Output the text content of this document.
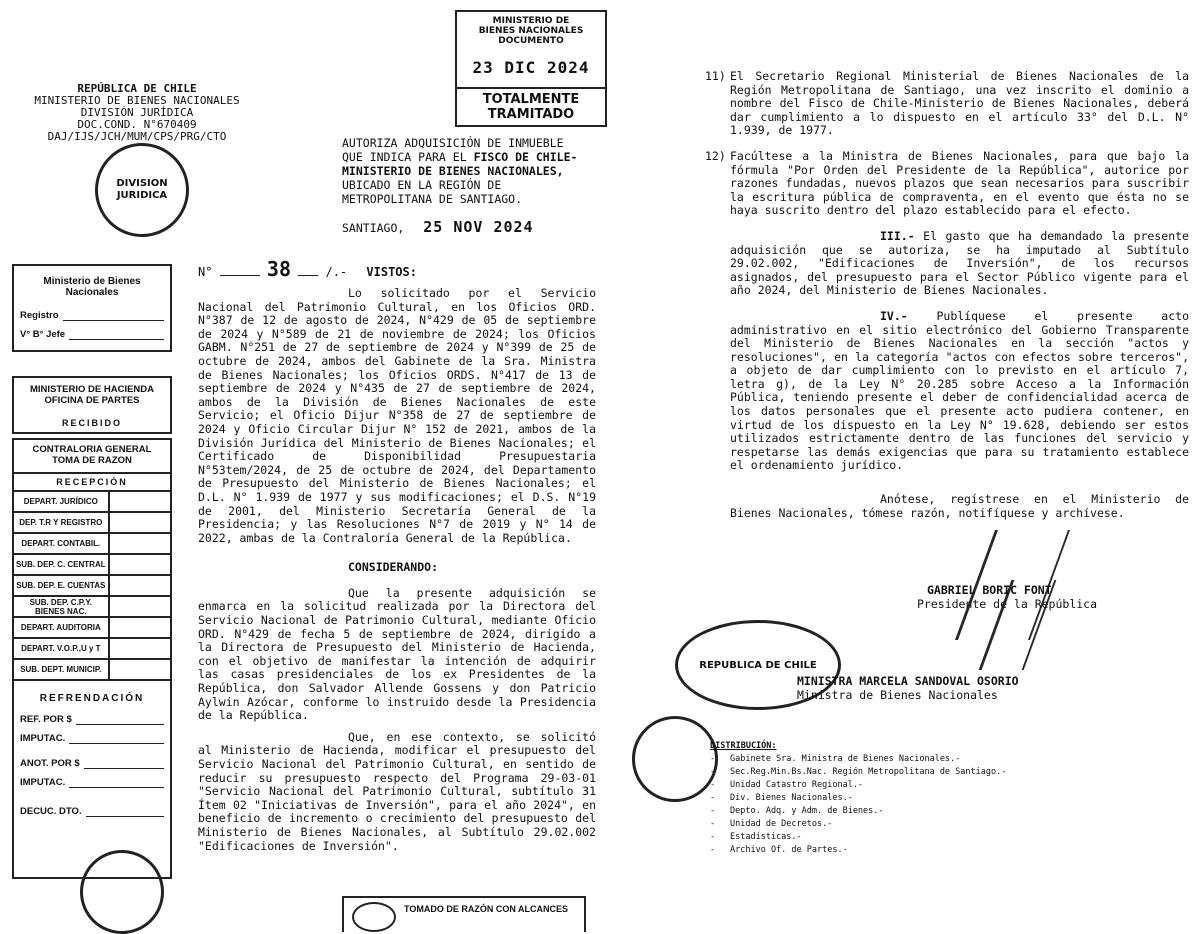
MINISTERIO DE
BIENES NACIONALES
DOCUMENTO
23 DIC 2024
TOTALMENTE TRAMITADO
REPÚBLICA DE CHILE
MINISTERIO DE BIENES NACIONALES
DIVISIÓN JURÍDICA
DOC.COND. N°670409
DAJ/IJS/JCH/MUM/CPS/PRG/CTO
DIVISION JURIDICA
AUTORIZA ADQUISICIÓN DE INMUEBLE
QUE INDICA PARA EL FISCO DE CHILE-
MINISTERIO DE BIENES NACIONALES,
UBICADO EN LA REGIÓN DE
METROPOLITANA DE SANTIAGO.
SANTIAGO, 25 NOV 2024
N°	38	/.- VISTOS:

Lo solicitado por el Servicio Nacional del Patrimonio Cultural, en los Oficios ORD. N°387 de 12 de agosto de 2024, N°429 de 05 de septiembre de 2024 y N°589 de 21 de noviembre de 2024; los Oficios GABM. N°251 de 27 de septiembre de 2024 y N°399 de 25 de octubre de 2024, ambos del Gabinete de la Sra. Ministra de Bienes Nacionales; los Oficios ORDS. N°417 de 13 de septiembre de 2024 y N°435 de 27 de septiembre de 2024, ambos de la División de Bienes Nacionales de este Servicio; el Oficio Dijur N°358 de 27 de septiembre de 2024 y Oficio Circular Dijur N° 152 de 2021, ambos de la División Jurídica del Ministerio de Bienes Nacionales; el Certificado de Disponibilidad Presupuestaria N°53tem/2024, de 25 de octubre de 2024, del Departamento de Presupuesto del Ministerio de Bienes Nacionales; el D.L. N° 1.939 de 1977 y sus modificaciones; el D.S. N°19 de 2001, del Ministerio Secretaría General de la Presidencia; y las Resoluciones N°7 de 2019 y N° 14 de 2022, ambas de la Contraloría General de la República.

CONSIDERANDO:

Que la presente adquisición se enmarca en la solicitud realizada por la Directora del Servicio Nacional de Patrimonio Cultural, mediante Oficio ORD. N°429 de fecha 5 de septiembre de 2024, dirigido a la Directora de Presupuesto del Ministerio de Hacienda, con el objetivo de manifestar la intención de adquirir las casas presidenciales de los ex Presidentes de la República, don Salvador Allende Gossens y don Patricio Aylwin Azócar, conforme lo instruido desde la Presidencia de la República.

Que, en ese contexto, se solicitó al Ministerio de Hacienda, modificar el presupuesto del Servicio Nacional del Patrimonio Cultural, en sentido de reducir su presupuesto respecto del Programa 29-03-01 "Servicio Nacional del Patrimonio Cultural, subtítulo 31 Ítem 02 "Iniciativas de Inversión", para el año 2024", en beneficio de incremento o crecimiento del presupuesto del Ministerio de Bienes Nacionales, al Subtítulo 29.02.002 "Edificaciones de Inversión".

Ministerio de Bienes Nacionales
Registro
V° B° Jefe
MINISTERIO DE HACIENDA
OFICINA DE PARTES
RECIBIDO
CONTRALORIA GENERAL
TOMA DE RAZON
RECEPCIÓN
DEPART. JURÍDICO
DEP. T.R Y REGISTRO
DEPART. CONTABIL.
SUB. DEP. C. CENTRAL
SUB. DEP. E. CUENTAS
SUB. DEP. C.P.Y. BIENES NAC.
DEPART. AUDITORIA
DEPART. V.O.P.,U y T
SUB. DEPT. MUNICIP.
REFRENDACIÓN
REF. POR $
IMPUTAC.
ANOT. POR $
IMPUTAC.
DECUC. DTO.
TOMADO DE RAZÓN CON ALCANCES
11) El Secretario Regional Ministerial de Bienes Nacionales de la Región Metropolitana de Santiago, una vez inscrito el dominio a nombre del Fisco de Chile-Ministerio de Bienes Nacionales, deberá dar cumplimiento a lo dispuesto en el artículo 33° del D.L. N° 1.939, de 1977.
12) Facúltese a la Ministra de Bienes Nacionales, para que bajo la fórmula "Por Orden del Presidente de la República", autorice por razones fundadas, nuevos plazos que sean necesarios para suscribir la escritura pública de compraventa, en el evento que ésta no se haya suscrito dentro del plazo establecido para el efecto.

III.- El gasto que ha demandado la presente adquisición que se autoriza, se ha imputado al Subtítulo 29.02.002, "Edificaciones de Inversión", de los recursos asignados, del presupuesto para el Sector Público vigente para el año 2024, del Ministerio de Bienes Nacionales.

IV.-	Publíquese el presente acto administrativo en el sitio electrónico del Gobierno Transparente del Ministerio de Bienes Nacionales en la sección "actos y resoluciones", en la categoría "actos con efectos sobre terceros", a objeto de dar cumplimiento con lo previsto en el artículo 7, letra g), de la Ley N° 20.285 sobre Acceso a la Información Pública, teniendo presente el deber de confidencialidad acerca de los datos personales que el presente acto pudiera contener, en virtud de los dispuesto en la Ley N° 19.628, debiendo ser estos utilizados estrictamente dentro de las funciones del servicio y respetarse las demás exigencias que para su tratamiento establece el ordenamiento jurídico.

Anótese, regístrese en el Ministerio de Bienes Nacionales, tómese razón, notifíquese y archívese.

GABRIEL BORIC FONT
Presidente de la República
REPUBLICA DE CHILE
MINISTRA MARCELA SANDOVAL OSORIO
Ministra de Bienes Nacionales
DISTRIBUCIÓN:
-	Gabinete Sra. Ministra de Bienes Nacionales.-
-	Sec.Reg.Min.Bs.Nac. Región Metropolitana de Santiago.-
-	Unidad Catastro Regional.-
-	Div. Bienes Nacionales.-
-	Depto. Adq. y Adm. de Bienes.-
-	Unidad de Decretos.-
-	Estadísticas.-
-	Archivo Of. de Partes.-
